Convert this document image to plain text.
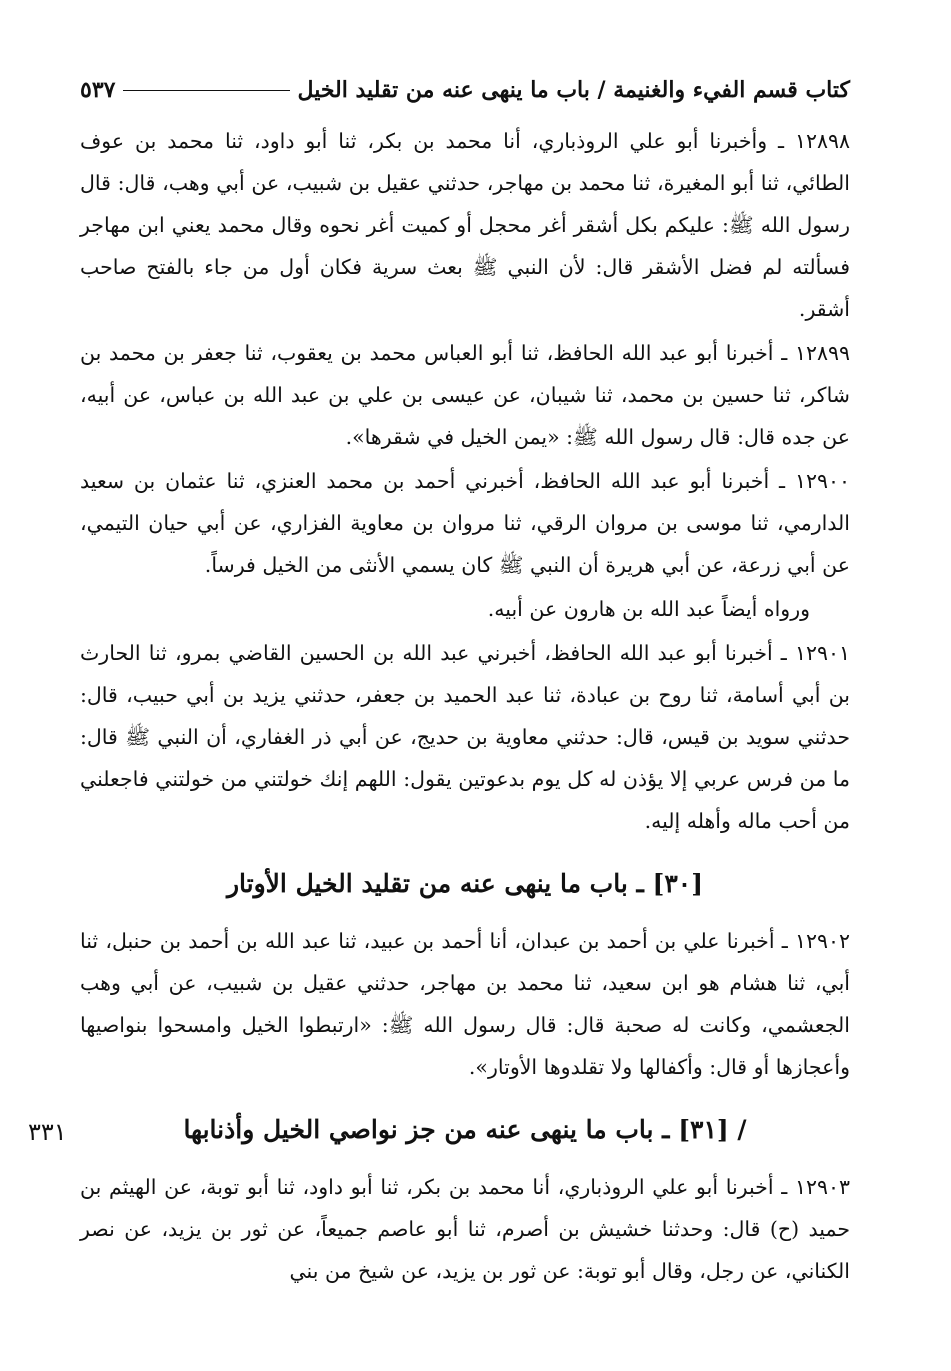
كتاب قسم الفيء والغنيمة / باب ما ينهى عنه من تقليد الخيل
٥٣٧

١٢٨٩٨ ـ وأخبرنا أبو علي الروذباري، أنا محمد بن بكر، ثنا أبو داود، ثنا محمد بن عوف الطائي، ثنا أبو المغيرة، ثنا محمد بن مهاجر، حدثني عقيل بن شبيب، عن أبي وهب، قال: قال رسول الله ﷺ: عليكم بكل أشقر أغر محجل أو كميت أغر نحوه وقال محمد يعني ابن مهاجر فسألته لم فضل الأشقر قال: لأن النبي ﷺ بعث سرية فكان أول من جاء بالفتح صاحب أشقر.

١٢٨٩٩ ـ أخبرنا أبو عبد الله الحافظ، ثنا أبو العباس محمد بن يعقوب، ثنا جعفر بن محمد بن شاكر، ثنا حسين بن محمد، ثنا شيبان، عن عيسى بن علي بن عبد الله بن عباس، عن أبيه، عن جده قال: قال رسول الله ﷺ: «يمن الخيل في شقرها».

١٢٩٠٠ ـ أخبرنا أبو عبد الله الحافظ، أخبرني أحمد بن محمد العنزي، ثنا عثمان بن سعيد الدارمي، ثنا موسى بن مروان الرقي، ثنا مروان بن معاوية الفزاري، عن أبي حيان التيمي، عن أبي زرعة، عن أبي هريرة أن النبي ﷺ كان يسمي الأنثى من الخيل فرساً.

ورواه أيضاً عبد الله بن هارون عن أبيه.

١٢٩٠١ ـ أخبرنا أبو عبد الله الحافظ، أخبرني عبد الله بن الحسين القاضي بمرو، ثنا الحارث بن أبي أسامة، ثنا روح بن عبادة، ثنا عبد الحميد بن جعفر، حدثني يزيد بن أبي حبيب، قال: حدثني سويد بن قيس، قال: حدثني معاوية بن حديج، عن أبي ذر الغفاري، أن النبي ﷺ قال: ما من فرس عربي إلا يؤذن له كل يوم بدعوتين يقول: اللهم إنك خولتني من خولتني فاجعلني من أحب ماله وأهله إليه.

[٣٠] ـ باب ما ينهى عنه من تقليد الخيل الأوتار

١٢٩٠٢ ـ أخبرنا علي بن أحمد بن عبدان، أنا أحمد بن عبيد، ثنا عبد الله بن أحمد بن حنبل، ثنا أبي، ثنا هشام هو ابن سعيد، ثنا محمد بن مهاجر، حدثني عقيل بن شبيب، عن أبي وهب الجعشمي، وكانت له صحبة قال: قال رسول الله ﷺ: «ارتبطوا الخيل وامسحوا بنواصيها وأعجازها أو قال: وأكفالها ولا تقلدوها الأوتار».

/ [٣١] ـ باب ما ينهى عنه من جز نواصي الخيل وأذنابها

١٢٩٠٣ ـ أخبرنا أبو علي الروذباري، أنا محمد بن بكر، ثنا أبو داود، ثنا أبو توبة، عن الهيثم بن حميد (ح) قال: وحدثنا خشيش بن أصرم، ثنا أبو عاصم جميعاً، عن ثور بن يزيد، عن نصر الكناني، عن رجل، وقال أبو توبة: عن ثور بن يزيد، عن شيخ من بني

٣٣١
